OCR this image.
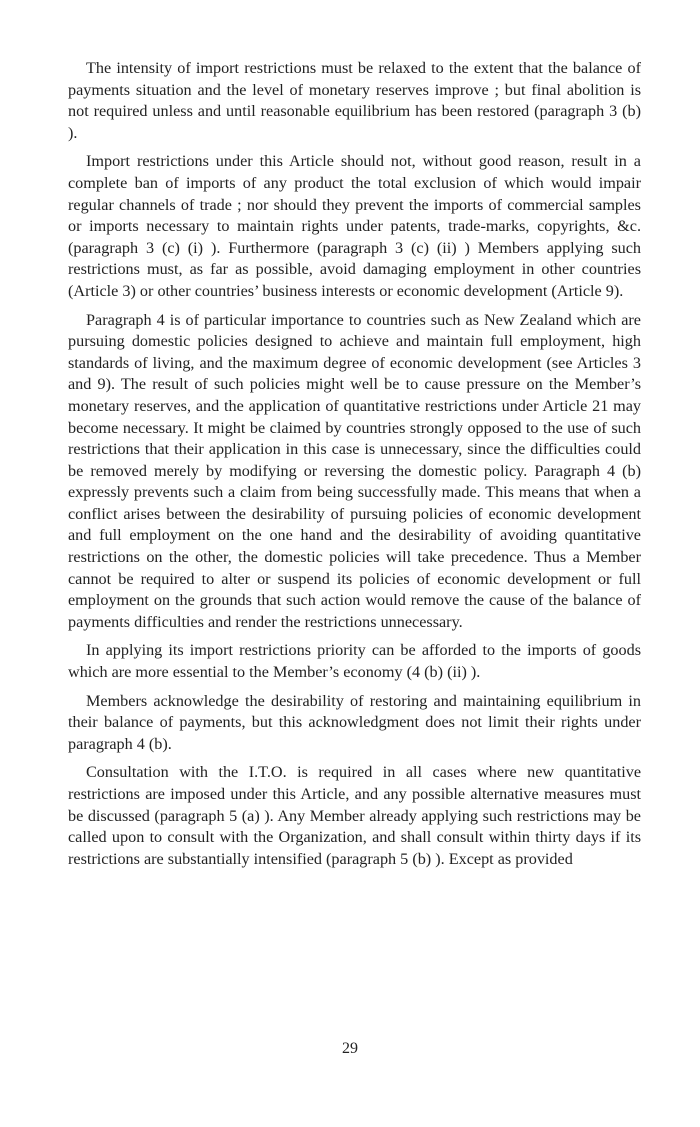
The intensity of import restrictions must be relaxed to the extent that the balance of payments situation and the level of monetary reserves improve ; but final abolition is not required unless and until reasonable equilibrium has been restored (paragraph 3 (b) ).

Import restrictions under this Article should not, without good reason, result in a complete ban of imports of any product the total exclusion of which would impair regular channels of trade ; nor should they prevent the imports of commercial samples or imports necessary to maintain rights under patents, trade-marks, copyrights, &c. (paragraph 3 (c) (i) ). Furthermore (paragraph 3 (c) (ii) ) Members applying such restrictions must, as far as possible, avoid damaging employment in other countries (Article 3) or other countries’ business interests or economic development (Article 9).

Paragraph 4 is of particular importance to countries such as New Zealand which are pursuing domestic policies designed to achieve and maintain full employment, high standards of living, and the maximum degree of economic development (see Articles 3 and 9). The result of such policies might well be to cause pressure on the Member’s monetary reserves, and the application of quantitative restrictions under Article 21 may become necessary. It might be claimed by countries strongly opposed to the use of such restrictions that their application in this case is unnecessary, since the difficulties could be removed merely by modifying or reversing the domestic policy. Paragraph 4 (b) expressly prevents such a claim from being successfully made. This means that when a conflict arises between the desirability of pursuing policies of economic development and full employment on the one hand and the desirability of avoiding quantitative restrictions on the other, the domestic policies will take precedence. Thus a Member cannot be required to alter or suspend its policies of economic development or full employment on the grounds that such action would remove the cause of the balance of payments difficulties and render the restrictions unnecessary.

In applying its import restrictions priority can be afforded to the imports of goods which are more essential to the Member’s economy (4 (b) (ii) ).

Members acknowledge the desirability of restoring and maintaining equilibrium in their balance of payments, but this acknowledgment does not limit their rights under paragraph 4 (b).

Consultation with the I.T.O. is required in all cases where new quantitative restrictions are imposed under this Article, and any possible alternative measures must be discussed (paragraph 5 (a) ). Any Member already applying such restrictions may be called upon to consult with the Organization, and shall consult within thirty days if its restrictions are substantially intensified (paragraph 5 (b) ). Except as provided

29
